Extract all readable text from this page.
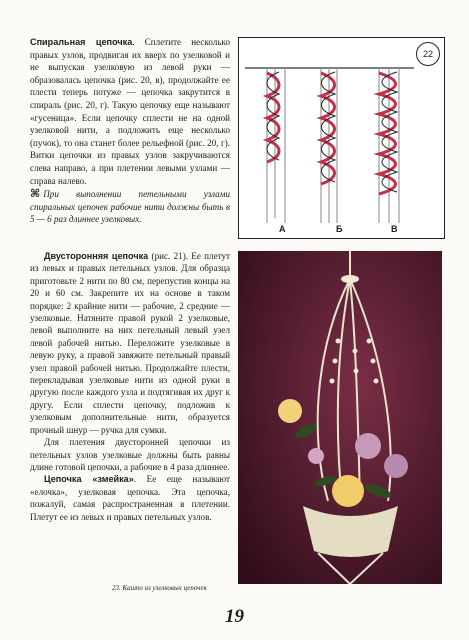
Спиральная цепочка. Сплетите несколько правых узлов, продвигая их вверх по узелковой и не выпуская узелковую из левой руки — образовалась цепочка (рис. 20, в), продолжайте ее плести теперь потуже — цепочка закрутится в спираль (рис. 20, г). Такую цепочку еще называют «гусеница». Если цепочку сплести не на одной узелковой нити, а подложить еще несколько (пучок), то она станет более рельефной (рис. 20, г). Витки цепочки из правых узлов закручиваются слева направо, а при плетении левыми узлами — справа налево.

⌘ При выполнении петельными узлами спиральных цепочек рабочие нити должны быть в 5 — 6 раз длиннее узелковых.

Двусторонняя цепочка (рис. 21). Ее плетут из левых и правых петельных узлов. Для образца приготовьте 2 нити по 80 см, перепустив концы на 20 и 60 см. Закрепите их на основе в таком порядке: 2 крайние нити — рабочие, 2 средние — узелковые. Натяните правой рукой 2 узелковые, левой выполните на них петельный левый узел левой рабочей нитью. Переложите узелковые в левую руку, а правой завяжите петельный правый узел правой рабочей нитью. Продолжайте плести, перекладывая узелковые нити из одной руки в другую после каждого узла и подтягивая их друг к другу. Если сплести цепочку, подложив к узелковым дополнительные нити, образуется прочный шнур — ручка для сумки.

Для плетения двусторонней цепочки из петельных узлов узелковые должны быть равны длине готовой цепочки, а рабочие в 4 раза длиннее.

Цепочка «змейка». Ее еще называют «елочка», узелковая цепочка. Эта цепочка, пожалуй, самая распространенная в плетении. Плетут ее из левых и правых петельных узлов.

22
А	Б	В
23. Кашпо из узелковых цепочек
19
